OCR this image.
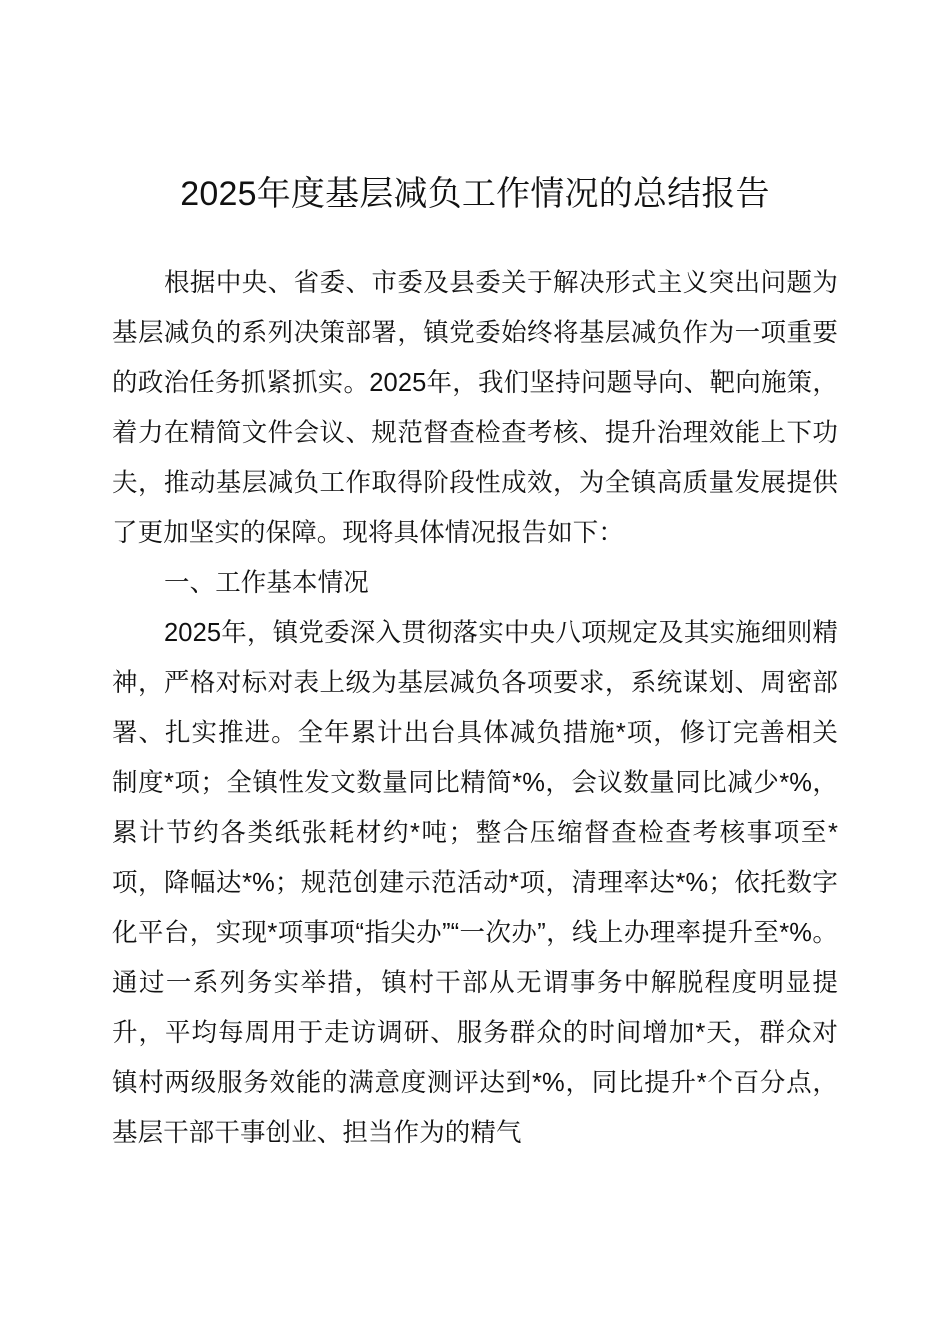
2025年度基层减负工作情况的总结报告

根据中央、省委、市委及县委关于解决形式主义突出问题为基层减负的系列决策部署，镇党委始终将基层减负作为一项重要的政治任务抓紧抓实。2025年，我们坚持问题导向、靶向施策，着力在精简文件会议、规范督查检查考核、提升治理效能上下功夫，推动基层减负工作取得阶段性成效，为全镇高质量发展提供了更加坚实的保障。现将具体情况报告如下：

一、工作基本情况

2025年，镇党委深入贯彻落实中央八项规定及其实施细则精神，严格对标对表上级为基层减负各项要求，系统谋划、周密部署、扎实推进。全年累计出台具体减负措施*项，修订完善相关制度*项；全镇性发文数量同比精简*%，会议数量同比减少*%，累计节约各类纸张耗材约*吨；整合压缩督查检查考核事项至*项，降幅达*%；规范创建示范活动*项，清理率达*%；依托数字化平台，实现*项事项“指尖办”“一次办”，线上办理率提升至*%。通过一系列务实举措，镇村干部从无谓事务中解脱程度明显提升，平均每周用于走访调研、服务群众的时间增加*天，群众对镇村两级服务效能的满意度测评达到*%，同比提升*个百分点，基层干部干事创业、担当作为的精气
